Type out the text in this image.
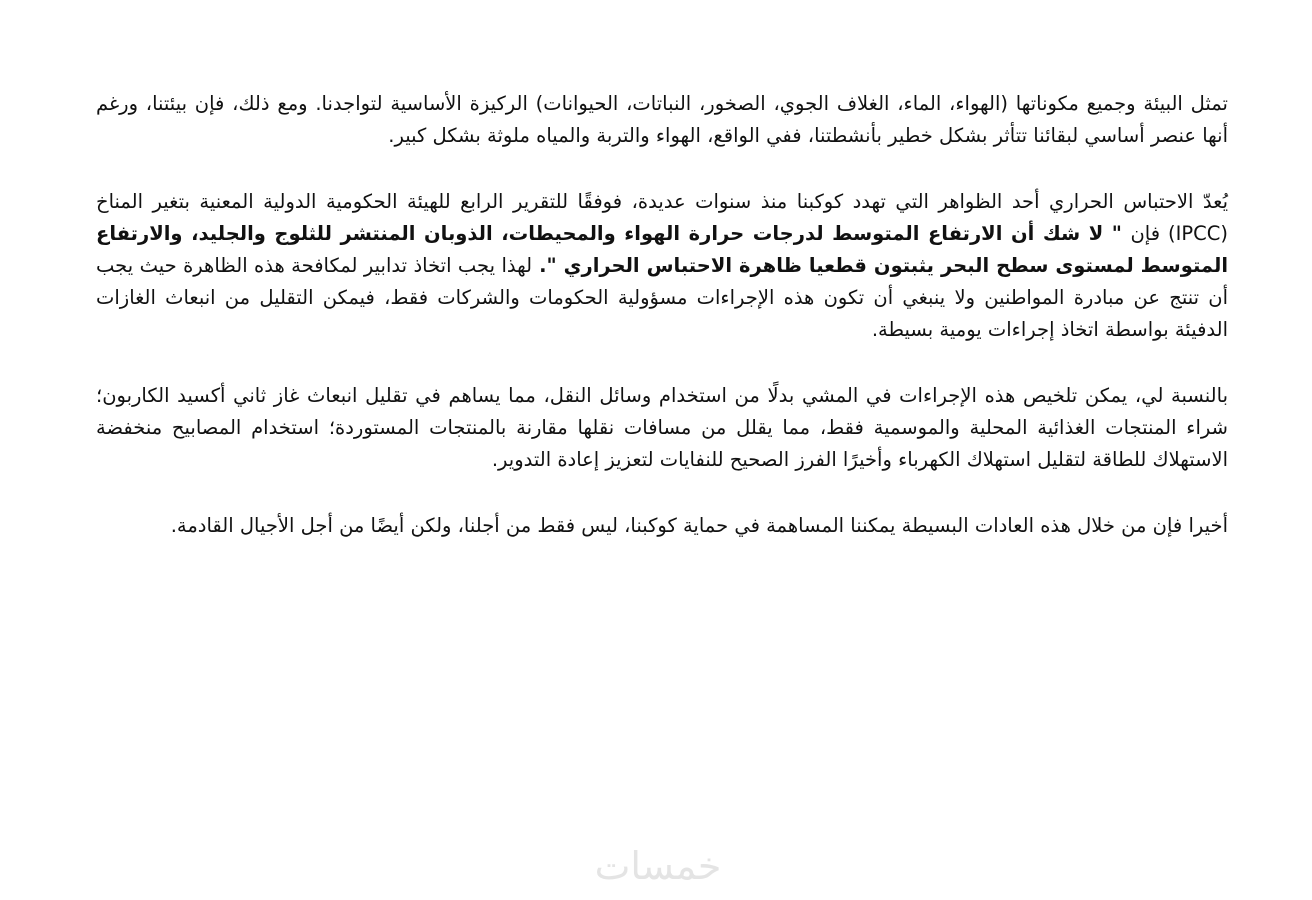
تمثل البيئة وجميع مكوناتها (الهواء، الماء، الغلاف الجوي، الصخور، النباتات، الحيوانات) الركيزة الأساسية لتواجدنا. ومع ذلك، فإن بيئتنا، ورغم أنها عنصر أساسي لبقائنا تتأثر بشكل خطير بأنشطتنا، ففي الواقع، الهواء والتربة والمياه ملوثة بشكل كبير.

يُعدّ الاحتباس الحراري أحد الظواهر التي تهدد كوكبنا منذ سنوات عديدة، فوفقًا للتقرير الرابع للهيئة الحكومية الدولية المعنية بتغير المناخ (IPCC) فإن " لا شك أن الارتفاع المتوسط لدرجات حرارة الهواء والمحيطات، الذوبان المنتشر للثلوج والجليد، والارتفاع المتوسط لمستوى سطح البحر يثبتون قطعيا ظاهرة الاحتباس الحراري ". لهذا يجب اتخاذ تدابير لمكافحة هذه الظاهرة حيث يجب أن تنتج عن مبادرة المواطنين ولا ينبغي أن تكون هذه الإجراءات مسؤولية الحكومات والشركات فقط، فيمكن التقليل من انبعاث الغازات الدفيئة بواسطة اتخاذ إجراءات يومية بسيطة.

بالنسبة لي، يمكن تلخيص هذه الإجراءات في المشي بدلًا من استخدام وسائل النقل، مما يساهم في تقليل انبعاث غاز ثاني أكسيد الكاربون؛ شراء المنتجات الغذائية المحلية والموسمية فقط، مما يقلل من مسافات نقلها مقارنة بالمنتجات المستوردة؛ استخدام المصابيح منخفضة الاستهلاك للطاقة لتقليل استهلاك الكهرباء وأخيرًا الفرز الصحيح للنفايات لتعزيز إعادة التدوير.

أخيرا فإن من خلال هذه العادات البسيطة يمكننا المساهمة في حماية كوكبنا، ليس فقط من أجلنا، ولكن أيضًا من أجل الأجيال القادمة.

خمسات
